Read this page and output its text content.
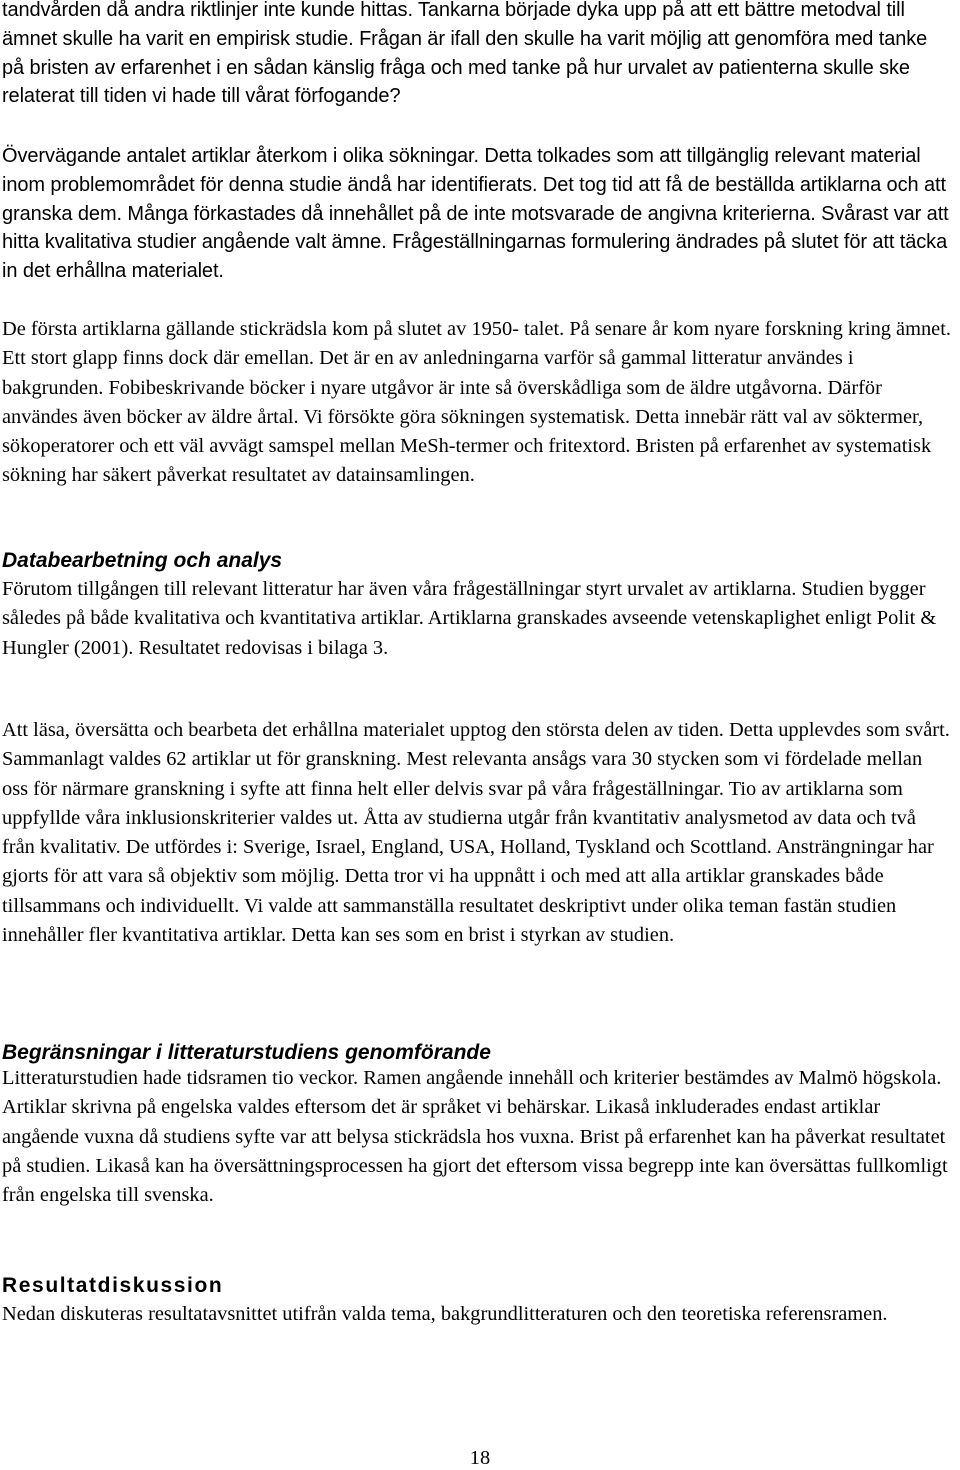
tandvården då andra riktlinjer inte kunde hittas. Tankarna började dyka upp på att ett bättre metodval till ämnet skulle ha varit en empirisk studie. Frågan är ifall den skulle ha varit möjlig att genomföra med tanke på bristen av erfarenhet i en sådan känslig fråga och med tanke på hur urvalet av patienterna skulle ske relaterat till tiden vi hade till vårat förfogande?

Övervägande antalet artiklar återkom i olika sökningar. Detta tolkades som att tillgänglig relevant material inom problemområdet för denna studie ändå har identifierats. Det tog tid att få de beställda artiklarna och att granska dem. Många förkastades då innehållet på de inte motsvarade de angivna kriterierna. Svårast var att hitta kvalitativa studier angående valt ämne. Frågeställningarnas formulering ändrades på slutet för att täcka in det erhållna materialet.

De första artiklarna gällande stickrädsla kom på slutet av 1950- talet. På senare år kom nyare forskning kring ämnet. Ett stort glapp finns dock där emellan. Det är en av anledningarna varför så gammal litteratur användes i bakgrunden. Fobibeskrivande böcker i nyare utgåvor är inte så överskådliga som de äldre utgåvorna. Därför användes även böcker av äldre årtal. Vi försökte göra sökningen systematisk. Detta innebär rätt val av söktermer, sökoperatorer och ett väl avvägt samspel mellan MeSh-termer och fritextord. Bristen på erfarenhet av systematisk sökning har säkert påverkat resultatet av datainsamlingen.

Databearbetning och analys

Förutom tillgången till relevant litteratur har även våra frågeställningar styrt urvalet av artiklarna. Studien bygger således på både kvalitativa och kvantitativa artiklar. Artiklarna granskades avseende vetenskaplighet enligt Polit & Hungler (2001). Resultatet redovisas i bilaga 3.

Att läsa, översätta och bearbeta det erhållna materialet upptog den största delen av tiden. Detta upplevdes som svårt. Sammanlagt valdes 62 artiklar ut för granskning. Mest relevanta ansågs vara 30 stycken som vi fördelade mellan oss för närmare granskning i syfte att finna helt eller delvis svar på våra frågeställningar. Tio av artiklarna som uppfyllde våra inklusionskriterier valdes ut. Åtta av studierna utgår från kvantitativ analysmetod av data och två från kvalitativ. De utfördes i: Sverige, Israel, England, USA, Holland, Tyskland och Scottland. Ansträngningar har gjorts för att vara så objektiv som möjlig. Detta tror vi ha uppnått i och med att alla artiklar granskades både tillsammans och individuellt. Vi valde att sammanställa resultatet deskriptivt under olika teman fastän studien innehåller fler kvantitativa artiklar. Detta kan ses som en brist i styrkan av studien.

Begränsningar i litteraturstudiens genomförande

Litteraturstudien hade tidsramen tio veckor. Ramen angående innehåll och kriterier bestämdes av Malmö högskola. Artiklar skrivna på engelska valdes eftersom det är språket vi behärskar. Likaså inkluderades endast artiklar angående vuxna då studiens syfte var att belysa stickrädsla hos vuxna. Brist på erfarenhet kan ha påverkat resultatet på studien. Likaså kan ha översättningsprocessen ha gjort det eftersom vissa begrepp inte kan översättas fullkomligt från engelska till svenska.

Resultatdiskussion

Nedan diskuteras resultatavsnittet utifrån valda tema, bakgrundlitteraturen och den teoretiska referensramen.

18
